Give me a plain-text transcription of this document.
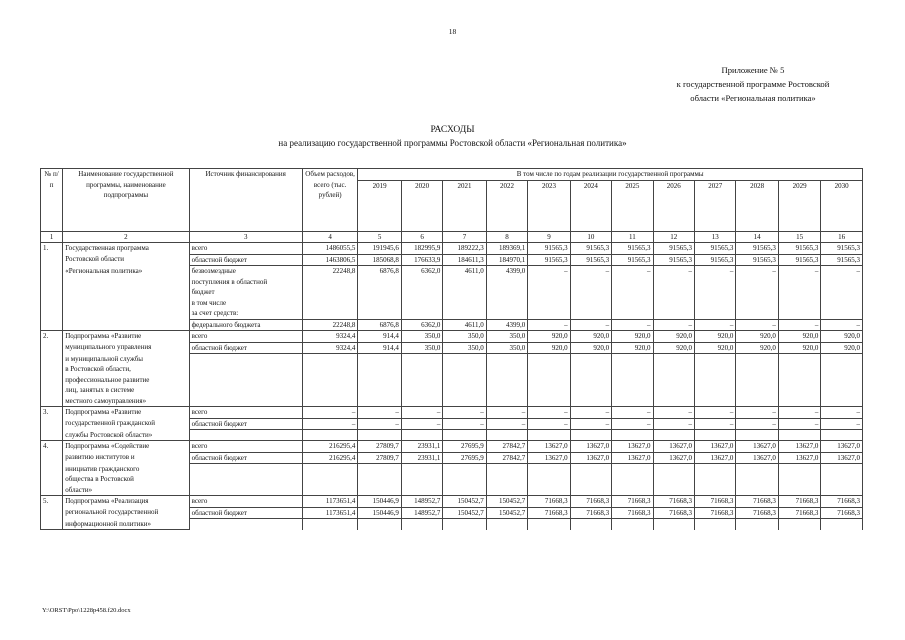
18
Приложение № 5
к государственной программе Ростовской
области «Региональная политика»
РАСХОДЫ
на реализацию государственной программы Ростовской области «Региональная политика»
№ п/п	Наименование государственной программы, наименование подпрограммы	Источник финансирования	Объем расходов, всего (тыс. рублей)	В том числе по годам реализации государственной программы											
				2019	2020	2021	2022	2023	2024	2025	2026	2027	2028	2029	2030
1	2	3	4	5	6	7	8	9	10	11	12	13	14	15	16
1.	Государственная программа	всего	1486055,5	191945,6	182995,9	189222,3	189369,1	91565,3	91565,3	91565,3	91565,3	91565,3	91565,3	91565,3	91565,3
	Ростовской области	областной бюджет	1463806,5	185068,8	176633,9	184611,3	184970,1	91565,3	91565,3	91565,3	91565,3	91565,3	91565,3	91565,3	91565,3
	«Региональная политика»	безвозмездные	22248,8	6876,8	6362,0	4611,0	4399,0	–	–	–	–	–	–	–	–
		поступления в областной													
		бюджет													
		в том числе													
		за счет средств:													
		федерального бюджета	22248,8	6876,8	6362,0	4611,0	4399,0	–	–	–	–	–	–	–	–
2.	Подпрограмма «Развитие	всего	9324,4	914,4	350,0	350,0	350,0	920,0	920,0	920,0	920,0	920,0	920,0	920,0	920,0
	муниципального управления	областной бюджет	9324,4	914,4	350,0	350,0	350,0	920,0	920,0	920,0	920,0	920,0	920,0	920,0	920,0
	и муниципальной службы														
	в Ростовской области,														
	профессиональное развитие														
	лиц, занятых в системе														
	местного самоуправления»														
3.	Подпрограмма «Развитие	всего	–	–	–	–	–	–	–	–	–	–	–	–	–
	государственной гражданской	областной бюджет	–	–	–	–	–	–	–	–	–	–	–	–	–
	службы Ростовской области»														
4.	Подпрограмма «Содействие	всего	216295,4	27809,7	23931,1	27695,9	27842,7	13627,0	13627,0	13627,0	13627,0	13627,0	13627,0	13627,0	13627,0
	развитию институтов и	областной бюджет	216295,4	27809,7	23931,1	27695,9	27842,7	13627,0	13627,0	13627,0	13627,0	13627,0	13627,0	13627,0	13627,0
	инициатив гражданского														
	общества в Ростовской														
	области»														
5.	Подпрограмма «Реализация	всего	1173651,4	150446,9	148952,7	150452,7	150452,7	71668,3	71668,3	71668,3	71668,3	71668,3	71668,3	71668,3	71668,3
	региональной государственной	областной бюджет	1173651,4	150446,9	148952,7	150452,7	150452,7	71668,3	71668,3	71668,3	71668,3	71668,3	71668,3	71668,3	71668,3
	информационной политики»														
Y:\ORST\Ppo\1228p458.f20.docx
